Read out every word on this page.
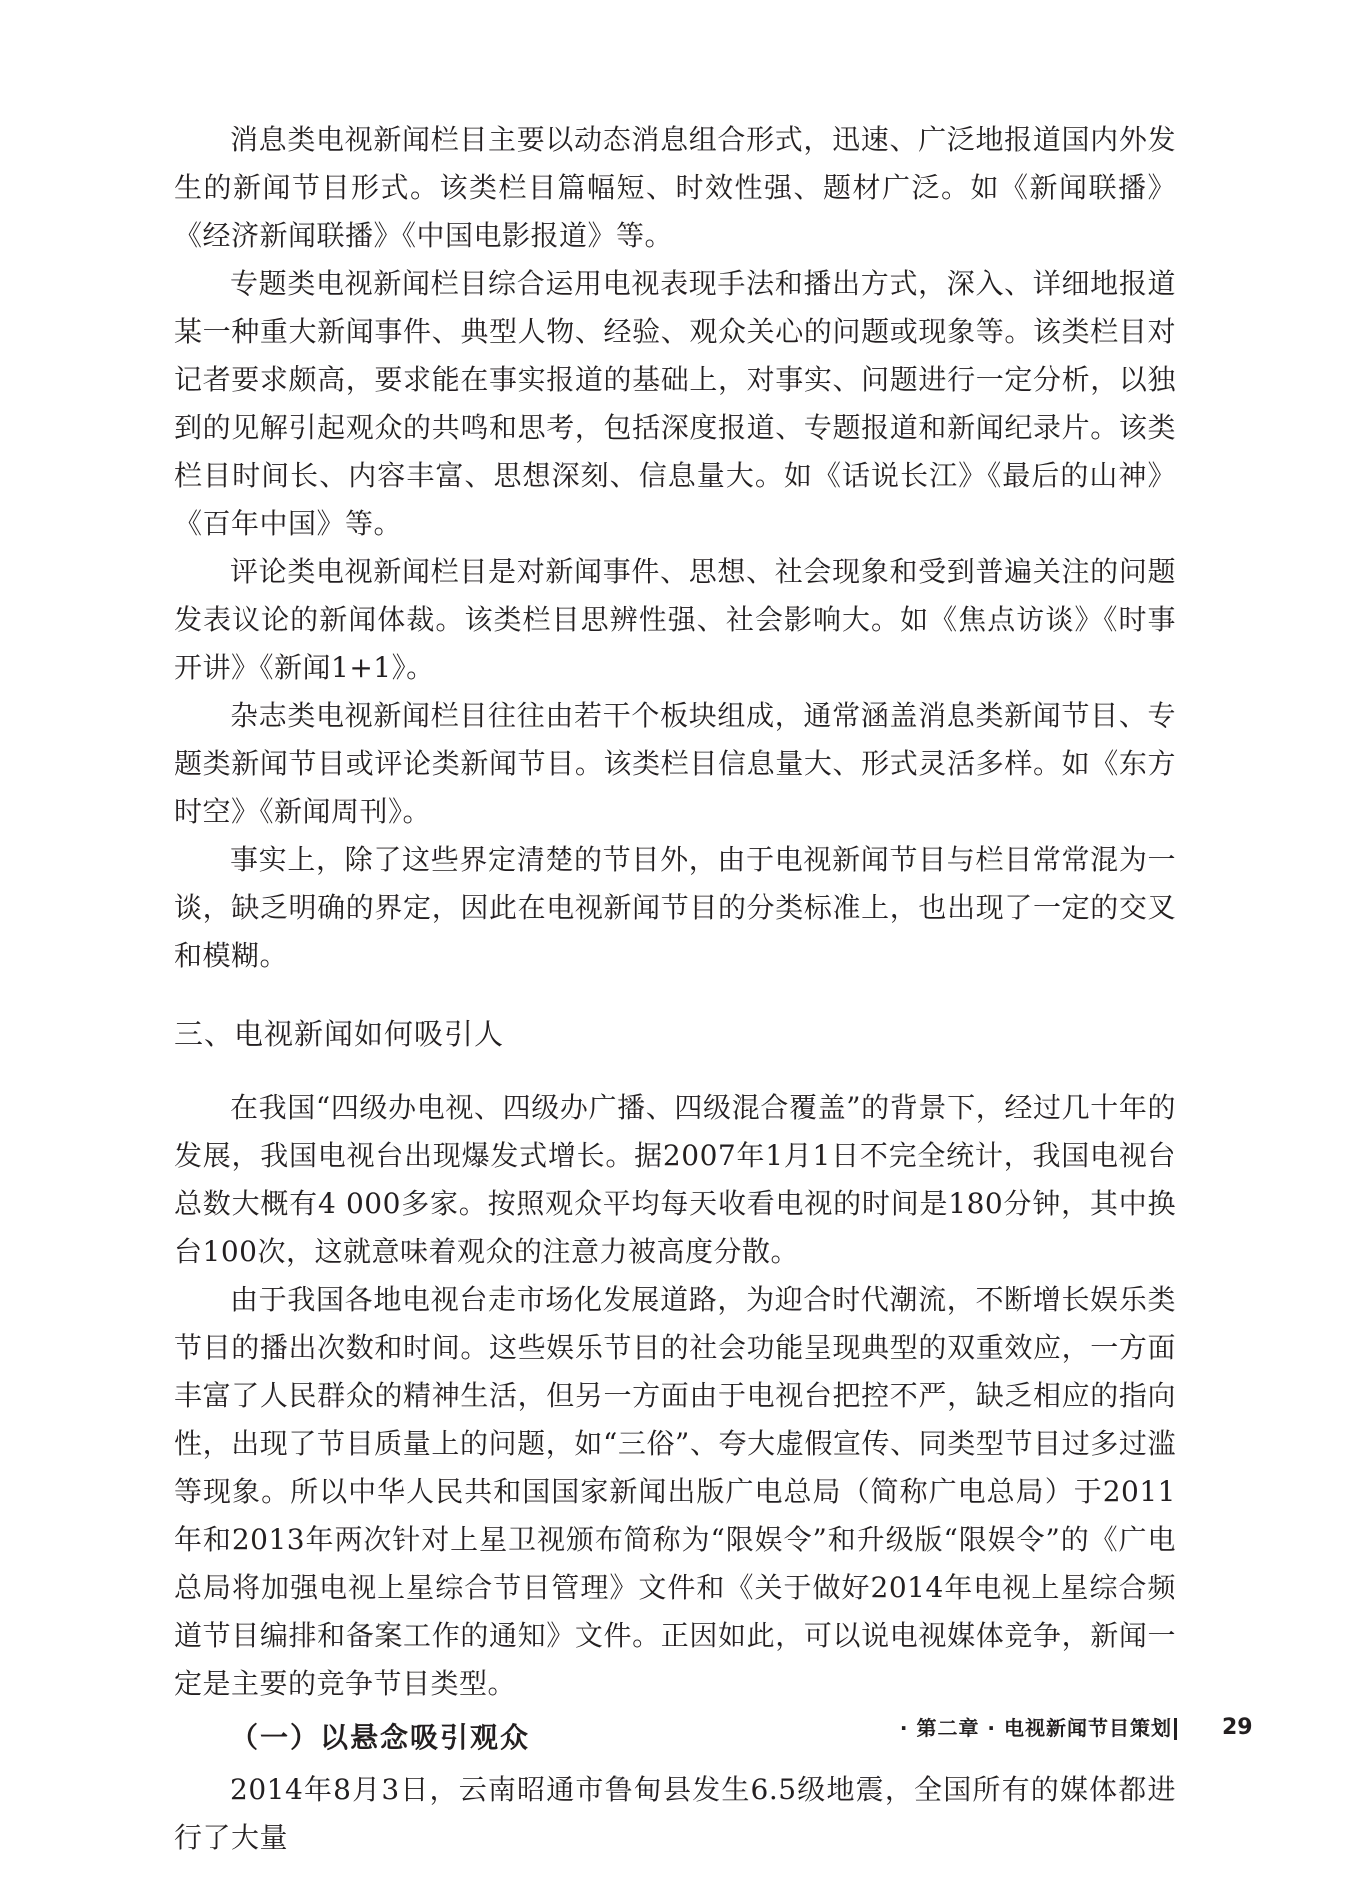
消息类电视新闻栏目主要以动态消息组合形式，迅速、广泛地报道国内外发生的新闻节目形式。该类栏目篇幅短、时效性强、题材广泛。如《新闻联播》《经济新闻联播》《中国电影报道》等。

专题类电视新闻栏目综合运用电视表现手法和播出方式，深入、详细地报道某一种重大新闻事件、典型人物、经验、观众关心的问题或现象等。该类栏目对记者要求颇高，要求能在事实报道的基础上，对事实、问题进行一定分析，以独到的见解引起观众的共鸣和思考，包括深度报道、专题报道和新闻纪录片。该类栏目时间长、内容丰富、思想深刻、信息量大。如《话说长江》《最后的山神》《百年中国》等。

评论类电视新闻栏目是对新闻事件、思想、社会现象和受到普遍关注的问题发表议论的新闻体裁。该类栏目思辨性强、社会影响大。如《焦点访谈》《时事开讲》《新闻1+1》。

杂志类电视新闻栏目往往由若干个板块组成，通常涵盖消息类新闻节目、专题类新闻节目或评论类新闻节目。该类栏目信息量大、形式灵活多样。如《东方时空》《新闻周刊》。

事实上，除了这些界定清楚的节目外，由于电视新闻节目与栏目常常混为一谈，缺乏明确的界定，因此在电视新闻节目的分类标准上，也出现了一定的交叉和模糊。

三、电视新闻如何吸引人

在我国“四级办电视、四级办广播、四级混合覆盖”的背景下，经过几十年的发展，我国电视台出现爆发式增长。据2007年1月1日不完全统计，我国电视台总数大概有4 000多家。按照观众平均每天收看电视的时间是180分钟，其中换台100次，这就意味着观众的注意力被高度分散。

由于我国各地电视台走市场化发展道路，为迎合时代潮流，不断增长娱乐类节目的播出次数和时间。这些娱乐节目的社会功能呈现典型的双重效应，一方面丰富了人民群众的精神生活，但另一方面由于电视台把控不严，缺乏相应的指向性，出现了节目质量上的问题，如“三俗”、夸大虚假宣传、同类型节目过多过滥等现象。所以中华人民共和国国家新闻出版广电总局（简称广电总局）于2011年和2013年两次针对上星卫视颁布简称为“限娱令”和升级版“限娱令”的《广电总局将加强电视上星综合节目管理》文件和《关于做好2014年电视上星综合频道节目编排和备案工作的通知》文件。正因如此，可以说电视媒体竞争，新闻一定是主要的竞争节目类型。

（一）以悬念吸引观众

2014年8月3日，云南昭通市鲁甸县发生6.5级地震，全国所有的媒体都进行了大量

· 第二章 · 电视新闻节目策划 29
